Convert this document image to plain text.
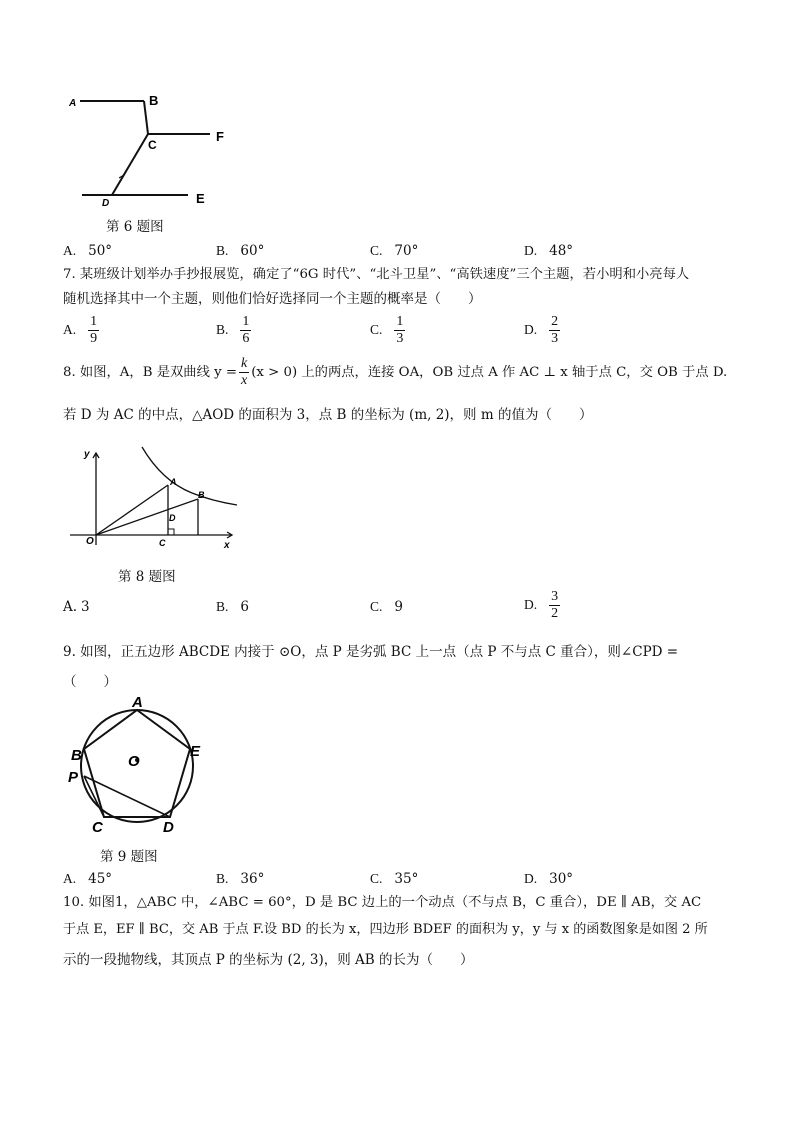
A	B
C
F
D	E
第 6 题图
A. 50°	B. 60°	C. 70°	D. 48°
7. 某班级计划举办手抄报展览，确定了“6G 时代”、“北斗卫星”、“高铁速度”三个主题，若小明和小亮每人
随机选择其中一个主题，则他们恰好选择同一个主题的概率是（　　）
A. $\frac{1}{9}$	B. $\frac{1}{6}$	C. $\frac{1}{3}$	D. $\frac{2}{3}$
8. 如图，A，B 是双曲线 $y = \frac{k}{x} (x > 0)$ 上的两点，连接 OA，OB 过点 A 作 AC ⊥ x 轴于点 C，交 OB 于点 D.
若 D 为 AC 的中点，△AOD 的面积为 3，点 B 的坐标为 (m, 2)，则 m 的值为（　　）
y
x
O
A
B
D
C
第 8 题图
A. 3	B. 6	C. 9	D. $\frac{3}{2}$
9. 如图，正五边形 ABCDE 内接于 ⊙O，点 P 是劣弧 BC 上一点（点 P 不与点 C 重合），则∠CPD =
（　　）
A
B
P
C	D
E
O
第 9 题图
A. 45°	B. 36°	C. 35°	D. 30°
10. 如图1，△ABC 中，∠ABC = 60°，D 是 BC 边上的一个动点（不与点 B，C 重合），DE ∥ AB，交 AC
于点 E，EF ∥ BC，交 AB 于点 F.设 BD 的长为 x，四边形 BDEF 的面积为 y，y 与 x 的函数图象是如图 2 所
示的一段抛物线，其顶点 P 的坐标为 (2, 3)，则 AB 的长为（　　）
